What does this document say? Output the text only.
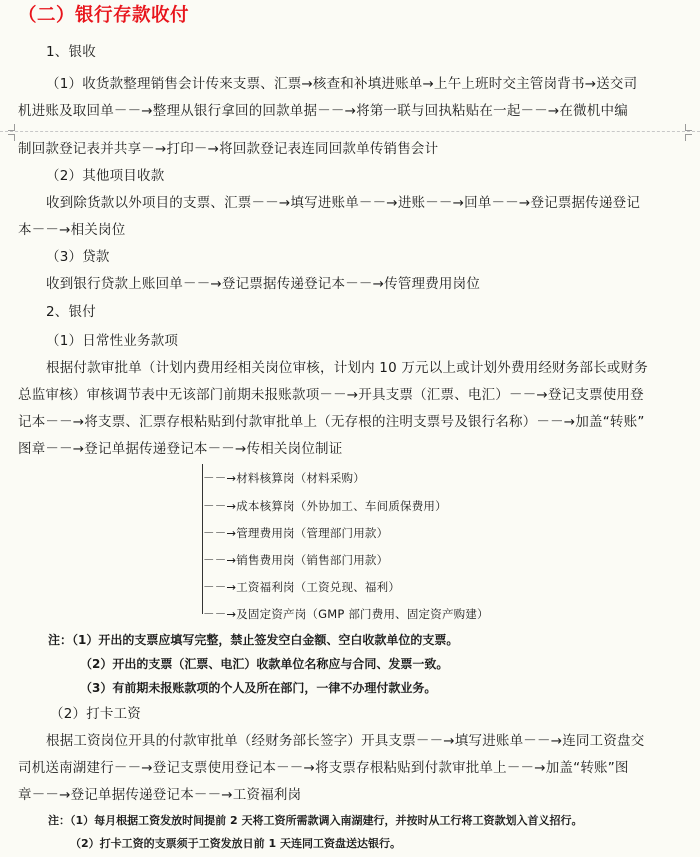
（二）银行存款收付
1、银收
（1）收货款整理销售会计传来支票、汇票→核查和补填进账单→上午上班时交主管岗背书→送交司
机进账及取回单－－→整理从银行拿回的回款单据－－→将第一联与回执粘贴在一起－－→在微机中编
制回款登记表并共享－→打印－→将回款登记表连同回款单传销售会计
（2）其他项目收款
收到除货款以外项目的支票、汇票－－→填写进账单－－→进账－－→回单－－→登记票据传递登记
本－－→相关岗位
（3）贷款
收到银行贷款上账回单－－→登记票据传递登记本－－→传管理费用岗位
2、银付
（1）日常性业务款项
根据付款审批单（计划内费用经相关岗位审核，计划内 10 万元以上或计划外费用经财务部长或财务
总监审核）审核调节表中无该部门前期未报账款项－－→开具支票（汇票、电汇）－－→登记支票使用登
记本－－→将支票、汇票存根粘贴到付款审批单上（无存根的注明支票号及银行名称）－－→加盖“转账”
图章－－→登记单据传递登记本－－→传相关岗位制证
－－→材料核算岗（材料采购）
－－→成本核算岗（外协加工、车间质保费用）
－－→管理费用岗（管理部门用款）
－－→销售费用岗（销售部门用款）
－－→工资福利岗（工资兑现、福利）
－－→及固定资产岗（GMP 部门费用、固定资产购建）
注：（1）开出的支票应填写完整，禁止签发空白金额、空白收款单位的支票。
（2）开出的支票（汇票、电汇）收款单位名称应与合同、发票一致。
（3）有前期未报账款项的个人及所在部门，一律不办理付款业务。
（2）打卡工资
根据工资岗位开具的付款审批单（经财务部长签字）开具支票－－→填写进账单－－→连同工资盘交
司机送南湖建行－－→登记支票使用登记本－－→将支票存根粘贴到付款审批单上－－→加盖“转账”图
章－－→登记单据传递登记本－－→工资福利岗
注：（1）每月根据工资发放时间提前 2 天将工资所需款调入南湖建行，并按时从工行将工资款划入首义招行。
（2）打卡工资的支票须于工资发放日前 1 天连同工资盘送达银行。
